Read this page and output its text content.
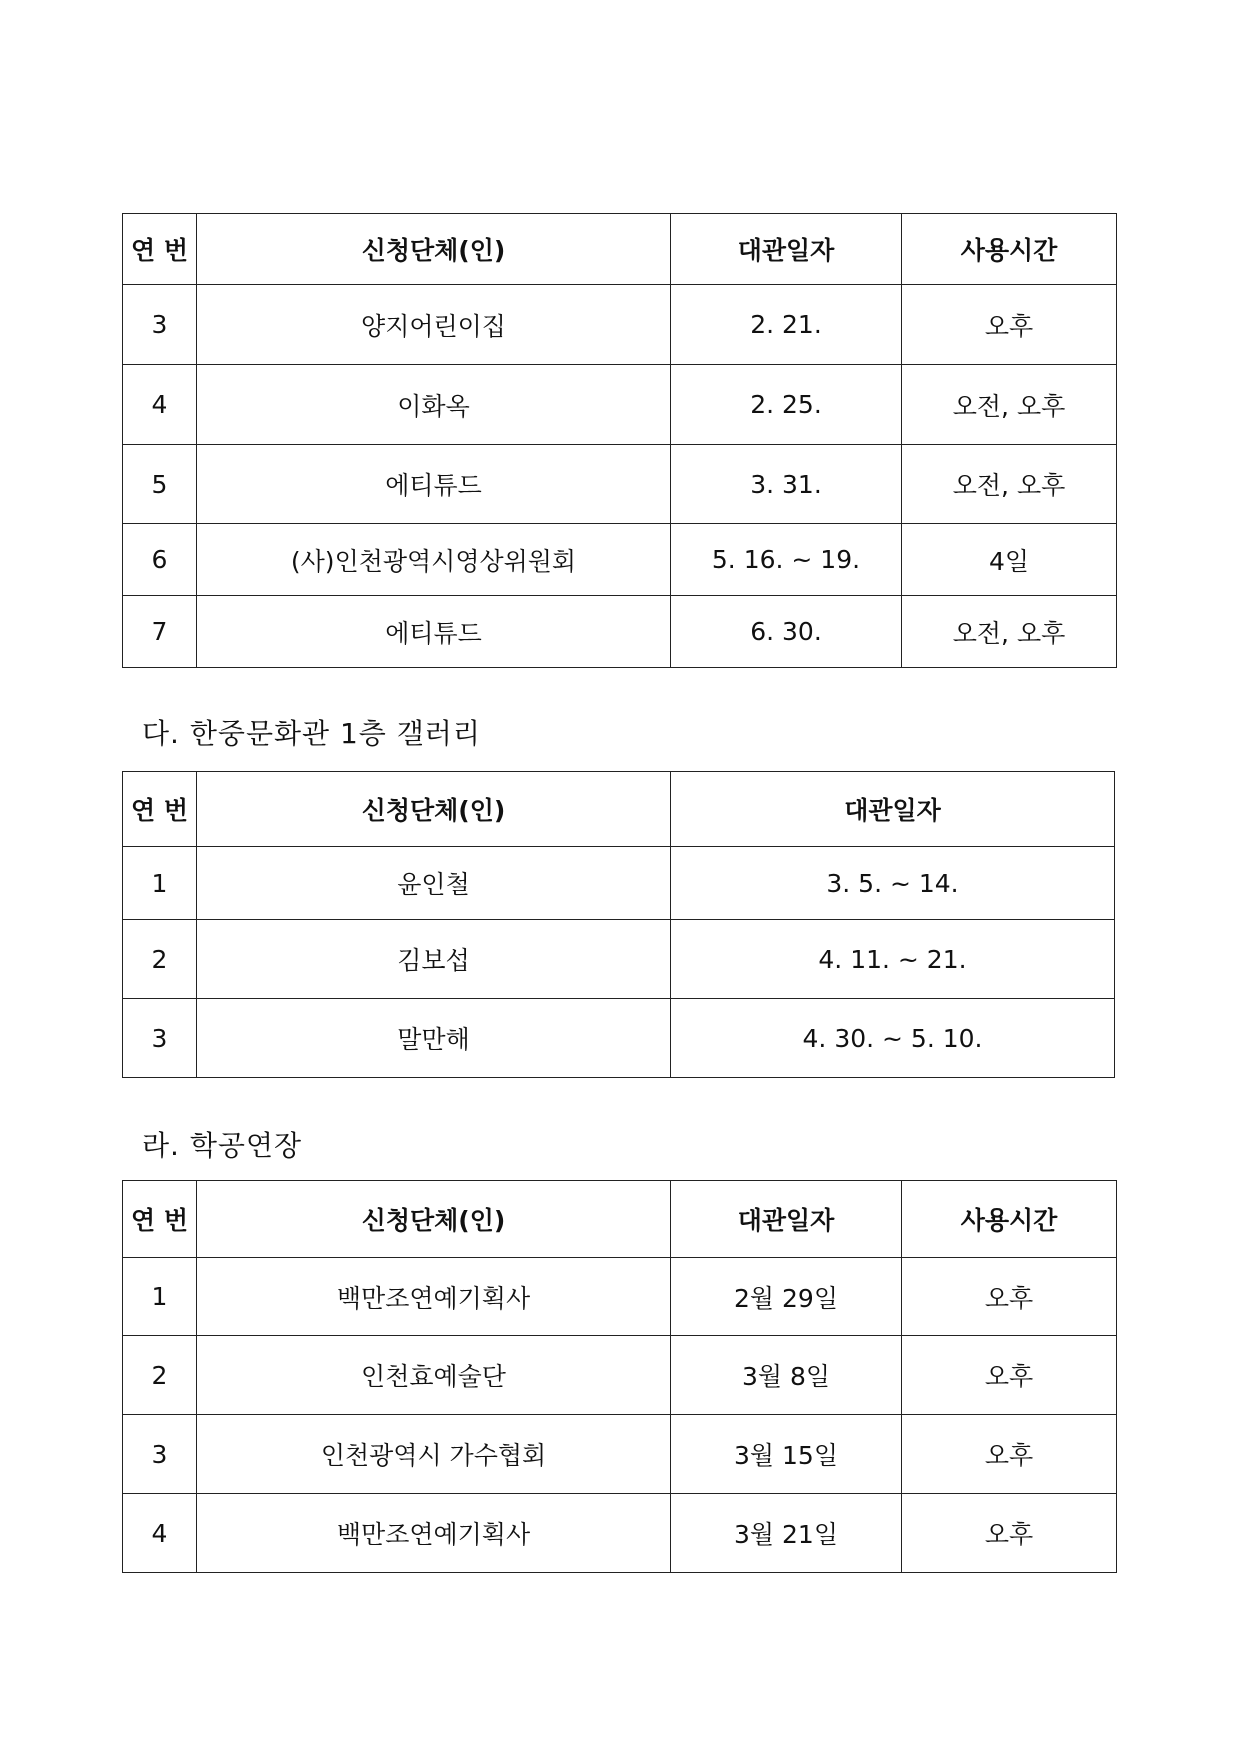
연 번	신청단체(인)	대관일자	사용시간
3	양지어린이집	2. 21.	오후
4	이화옥	2. 25.	오전, 오후
5	에티튜드	3. 31.	오전, 오후
6	(사)인천광역시영상위원회	5. 16. ~ 19.	4일
7	에티튜드	6. 30.	오전, 오후

다. 한중문화관 1층 갤러리

연 번	신청단체(인)	대관일자
1	윤인철	3. 5. ~ 14.
2	김보섭	4. 11. ~ 21.
3	말만해	4. 30. ~ 5. 10.

라. 학공연장

연 번	신청단체(인)	대관일자	사용시간
1	백만조연예기획사	2월 29일	오후
2	인천효예술단	3월 8일	오후
3	인천광역시 가수협회	3월 15일	오후
4	백만조연예기획사	3월 21일	오후
